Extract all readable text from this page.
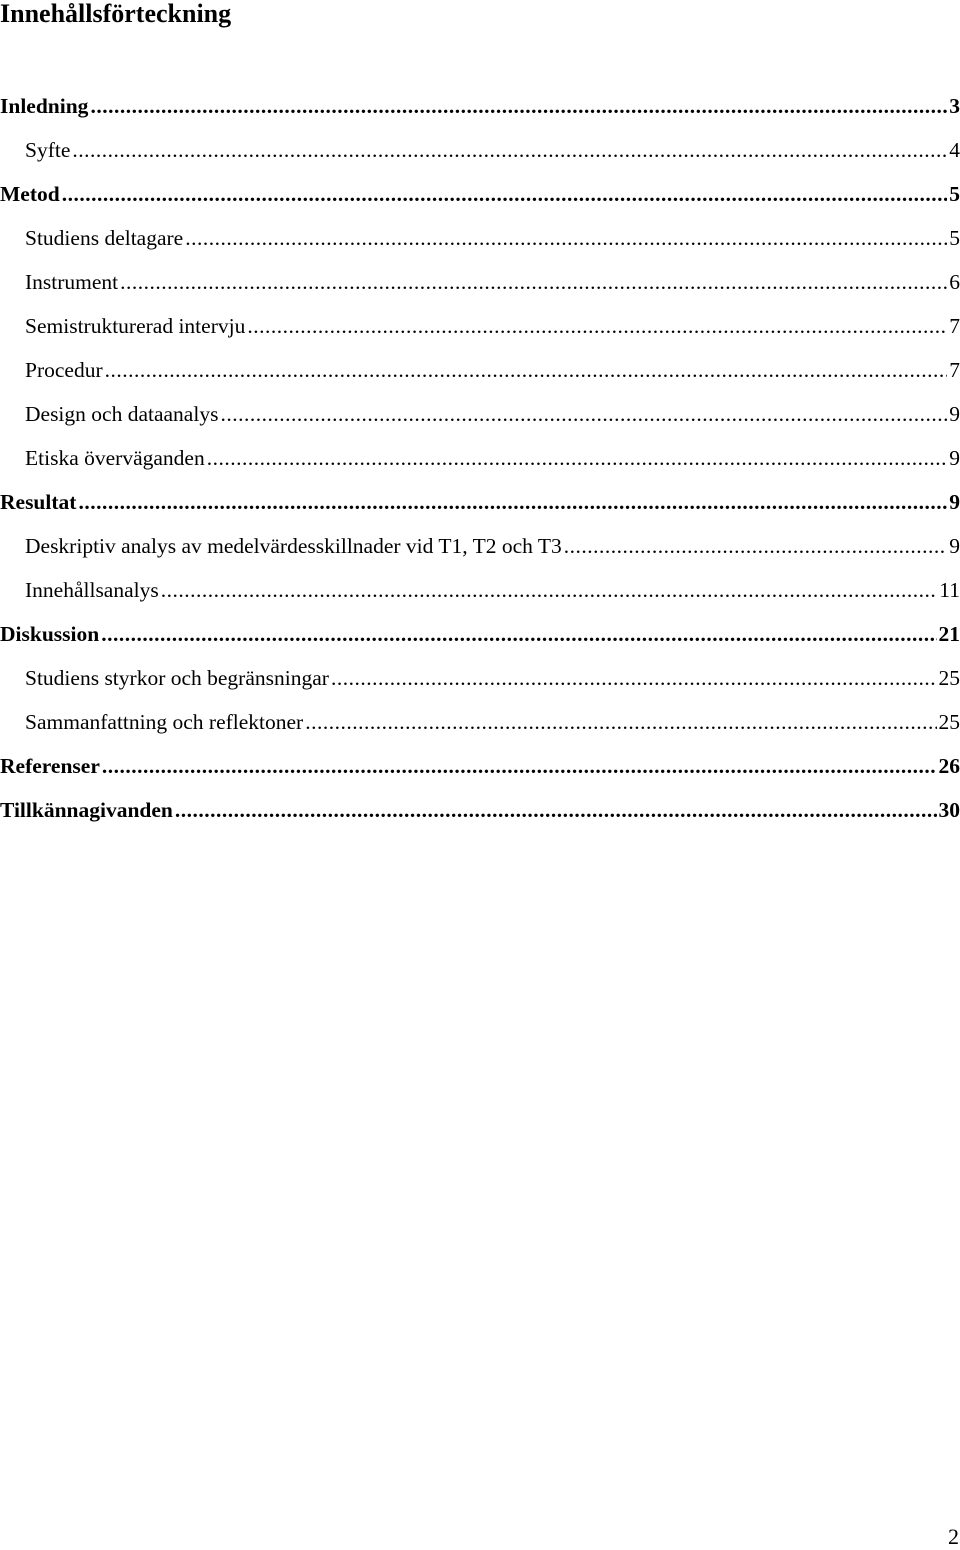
Innehållsförteckning
Inledning .....	3
Syfte .....	4
Metod .....	5
Studiens deltagare .....	5
Instrument .....	6
Semistrukturerad intervju .....	7
Procedur .....	7
Design och dataanalys .....	9
Etiska överväganden .....	9
Resultat .....	9
Deskriptiv analys av medelvärdesskillnader vid T1, T2 och T3 .....	9
Innehållsanalys .....	11
Diskussion .....	21
Studiens styrkor och begränsningar .....	25
Sammanfattning och reflektoner .....	25
Referenser .....	26
Tillkännagivanden .....	30
2
